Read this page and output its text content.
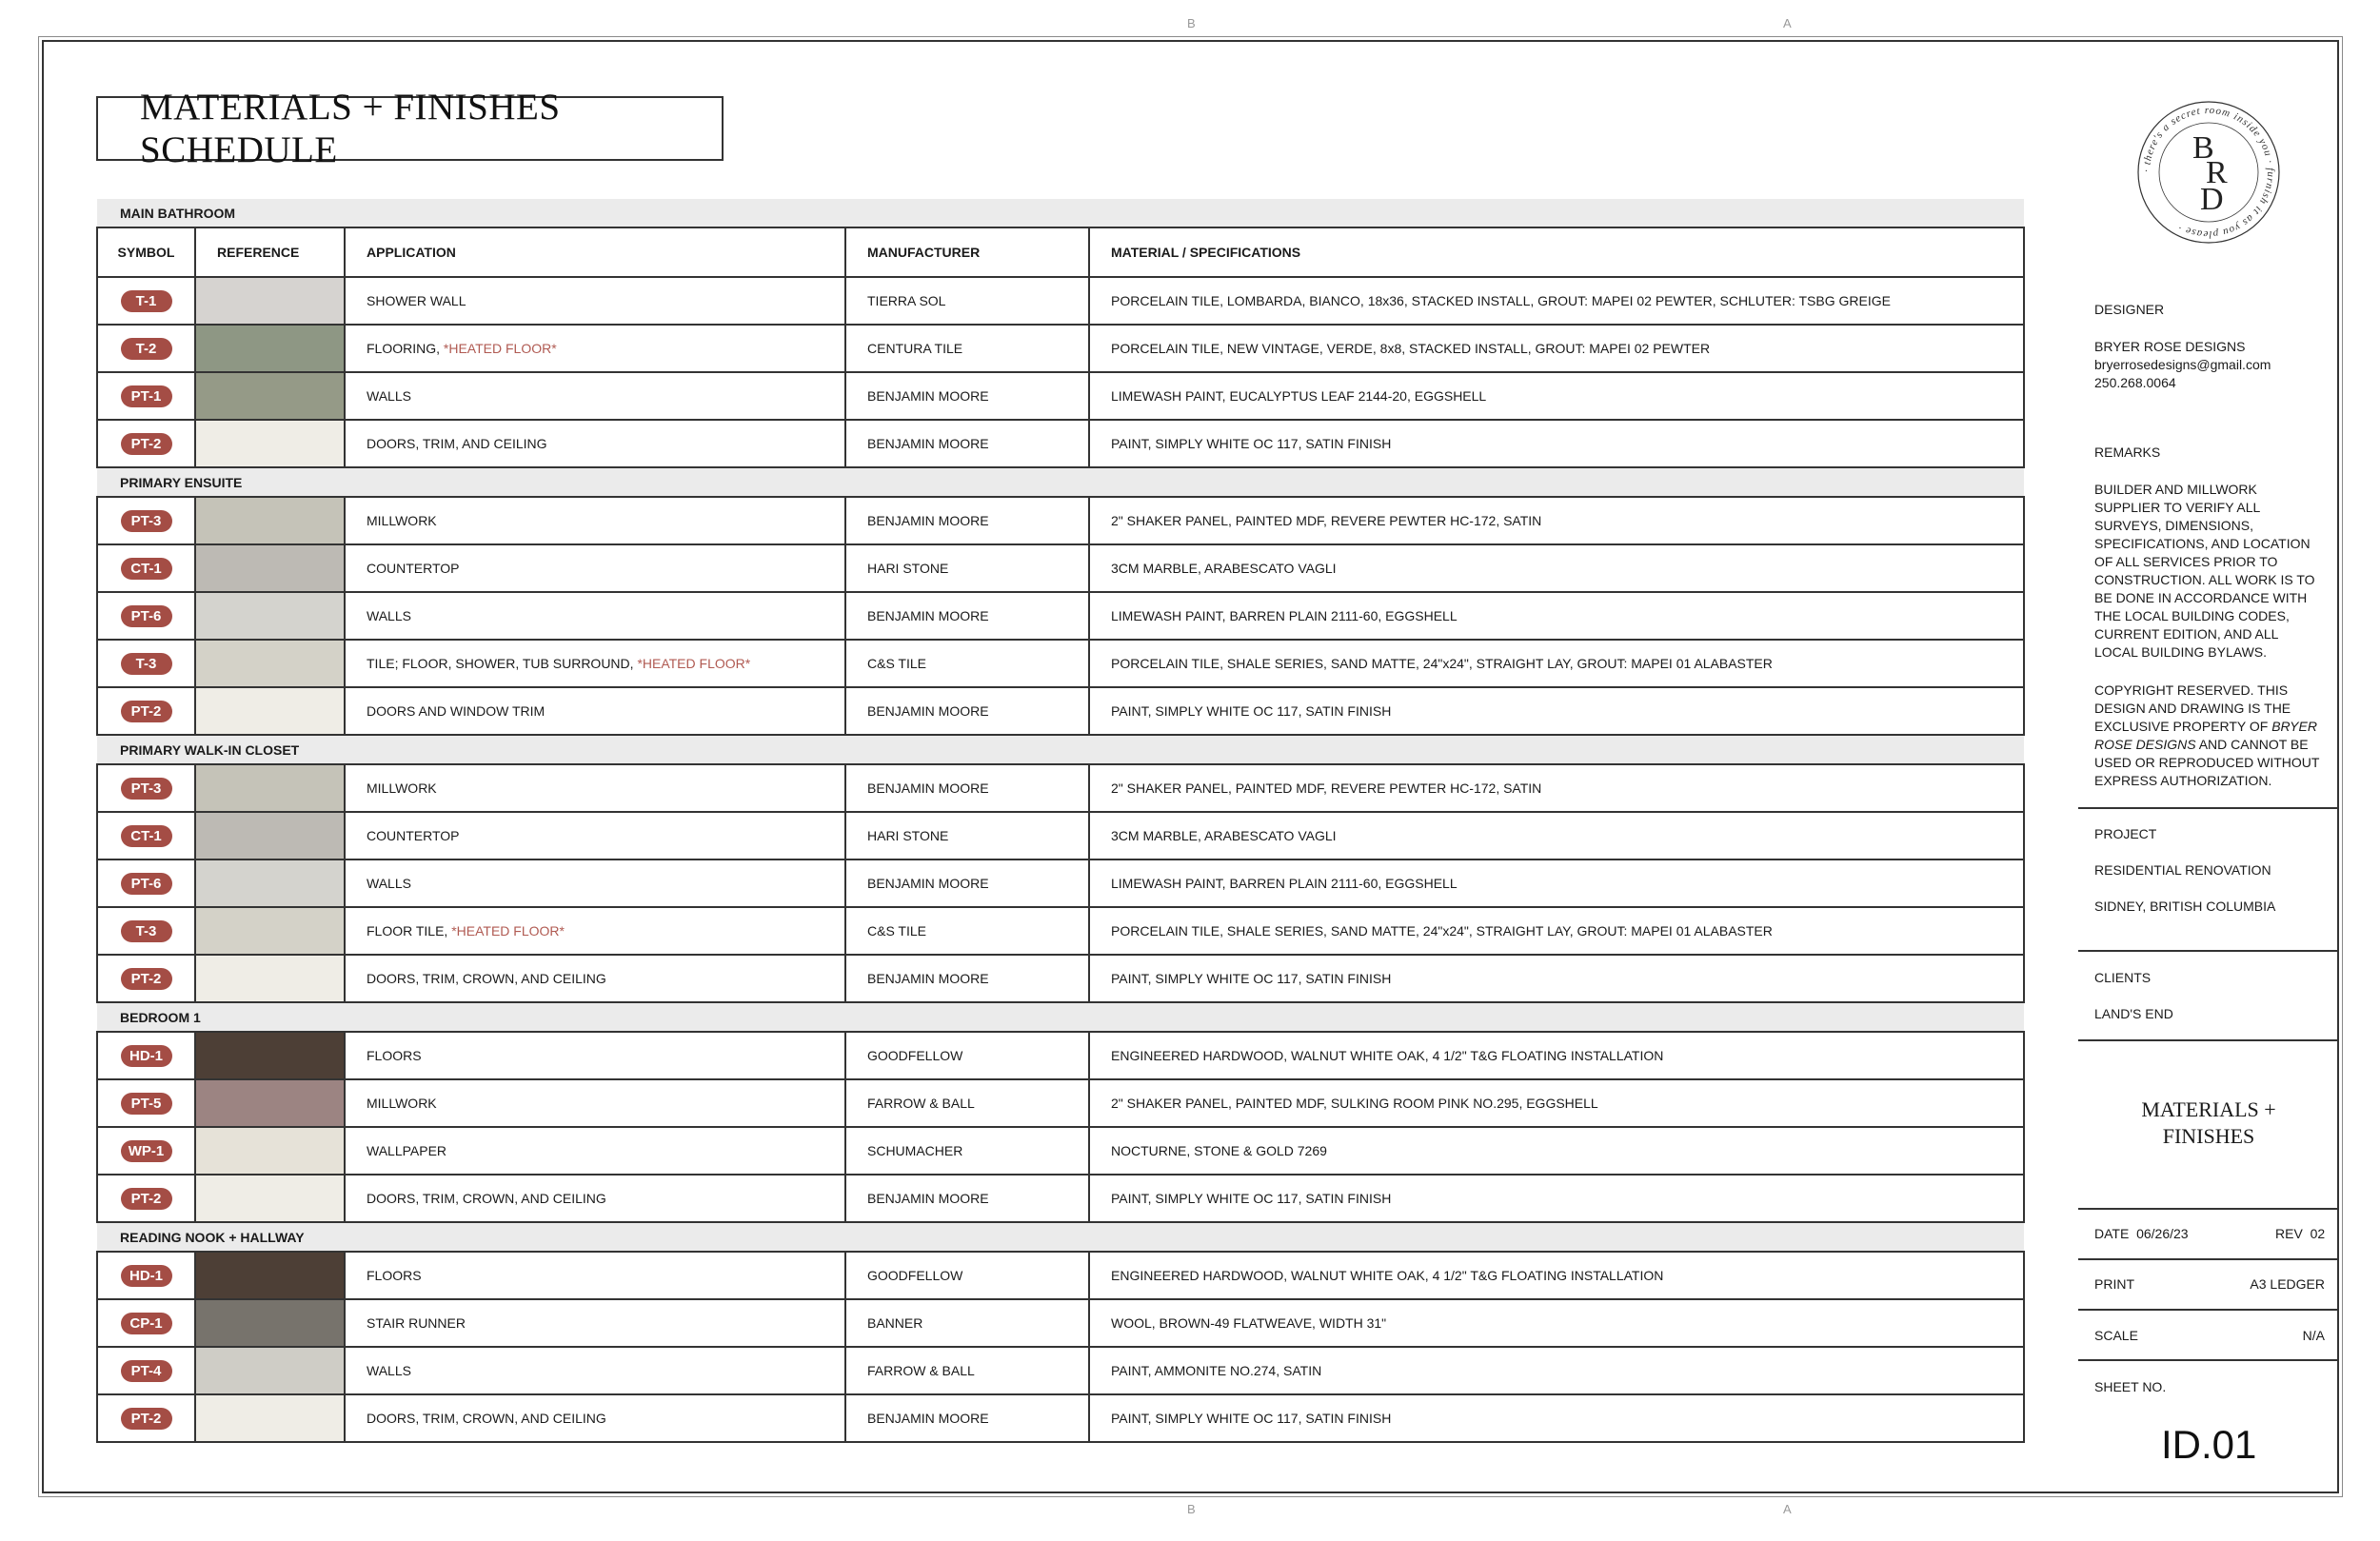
B	A
B	A
MATERIALS + FINISHES SCHEDULE
MAIN BATHROOM				
SYMBOL	REFERENCE	APPLICATION	MANUFACTURER	MATERIAL / SPECIFICATIONS
T-1		SHOWER WALL	TIERRA SOL	PORCELAIN TILE, LOMBARDA, BIANCO, 18x36, STACKED INSTALL, GROUT: MAPEI 02 PEWTER, SCHLUTER: TSBG GREIGE
T-2		FLOORING, *HEATED FLOOR*	CENTURA TILE	PORCELAIN TILE, NEW VINTAGE, VERDE, 8x8, STACKED INSTALL, GROUT: MAPEI 02 PEWTER
PT-1		WALLS	BENJAMIN MOORE	LIMEWASH PAINT, EUCALYPTUS LEAF 2144-20, EGGSHELL
PT-2		DOORS, TRIM, AND CEILING	BENJAMIN MOORE	PAINT, SIMPLY WHITE OC 117, SATIN FINISH
PRIMARY ENSUITE				
PT-3		MILLWORK	BENJAMIN MOORE	2" SHAKER PANEL, PAINTED MDF, REVERE PEWTER HC-172, SATIN
CT-1		COUNTERTOP	HARI STONE	3CM MARBLE, ARABESCATO VAGLI
PT-6		WALLS	BENJAMIN MOORE	LIMEWASH PAINT, BARREN PLAIN 2111-60, EGGSHELL
T-3		TILE; FLOOR, SHOWER, TUB SURROUND, *HEATED FLOOR*	C&S TILE	PORCELAIN TILE, SHALE SERIES, SAND MATTE, 24"x24", STRAIGHT LAY, GROUT: MAPEI 01 ALABASTER
PT-2		DOORS AND WINDOW TRIM	BENJAMIN MOORE	PAINT, SIMPLY WHITE OC 117, SATIN FINISH
PRIMARY WALK-IN CLOSET				
PT-3		MILLWORK	BENJAMIN MOORE	2" SHAKER PANEL, PAINTED MDF, REVERE PEWTER HC-172, SATIN
CT-1		COUNTERTOP	HARI STONE	3CM MARBLE, ARABESCATO VAGLI
PT-6		WALLS	BENJAMIN MOORE	LIMEWASH PAINT, BARREN PLAIN 2111-60, EGGSHELL
T-3		FLOOR TILE, *HEATED FLOOR*	C&S TILE	PORCELAIN TILE, SHALE SERIES, SAND MATTE, 24"x24", STRAIGHT LAY, GROUT: MAPEI 01 ALABASTER
PT-2		DOORS, TRIM, CROWN, AND CEILING	BENJAMIN MOORE	PAINT, SIMPLY WHITE OC 117, SATIN FINISH
BEDROOM 1				
HD-1		FLOORS	GOODFELLOW	ENGINEERED HARDWOOD, WALNUT WHITE OAK, 4 1/2" T&G FLOATING INSTALLATION
PT-5		MILLWORK	FARROW & BALL	2" SHAKER PANEL, PAINTED MDF, SULKING ROOM PINK NO.295, EGGSHELL
WP-1		WALLPAPER	SCHUMACHER	NOCTURNE, STONE & GOLD 7269
PT-2		DOORS, TRIM, CROWN, AND CEILING	BENJAMIN MOORE	PAINT, SIMPLY WHITE OC 117, SATIN FINISH
READING NOOK + HALLWAY				
HD-1		FLOORS	GOODFELLOW	ENGINEERED HARDWOOD, WALNUT WHITE OAK, 4 1/2" T&G FLOATING INSTALLATION
CP-1		STAIR RUNNER	BANNER	WOOL, BROWN-49 FLATWEAVE, WIDTH 31"
PT-4		WALLS	FARROW & BALL	PAINT, AMMONITE NO.274, SATIN
PT-2		DOORS, TRIM, CROWN, AND CEILING	BENJAMIN MOORE	PAINT, SIMPLY WHITE OC 117, SATIN FINISH
· there's a secret room inside you · furnish it as you please ·
B
R
D
DESIGNER
BRYER ROSE DESIGNS
bryerrosedesigns@gmail.com
250.268.0064
REMARKS
BUILDER AND MILLWORK
SUPPLIER TO VERIFY ALL
SURVEYS, DIMENSIONS,
SPECIFICATIONS, AND LOCATION
OF ALL SERVICES PRIOR TO
CONSTRUCTION. ALL WORK IS TO
BE DONE IN ACCORDANCE WITH
THE LOCAL BUILDING CODES,
CURRENT EDITION, AND ALL
LOCAL BUILDING BYLAWS.
COPYRIGHT RESERVED. THIS
DESIGN AND DRAWING IS THE
EXCLUSIVE PROPERTY OF BRYER
ROSE DESIGNS AND CANNOT BE
USED OR REPRODUCED WITHOUT
EXPRESS AUTHORIZATION.
PROJECT
RESIDENTIAL RENOVATION
SIDNEY, BRITISH COLUMBIA
CLIENTS
LAND'S END
MATERIALS +
FINISHES
DATE 06/26/23	REV 02
PRINT	A3 LEDGER
SCALE	N/A
SHEET NO.
ID.01
